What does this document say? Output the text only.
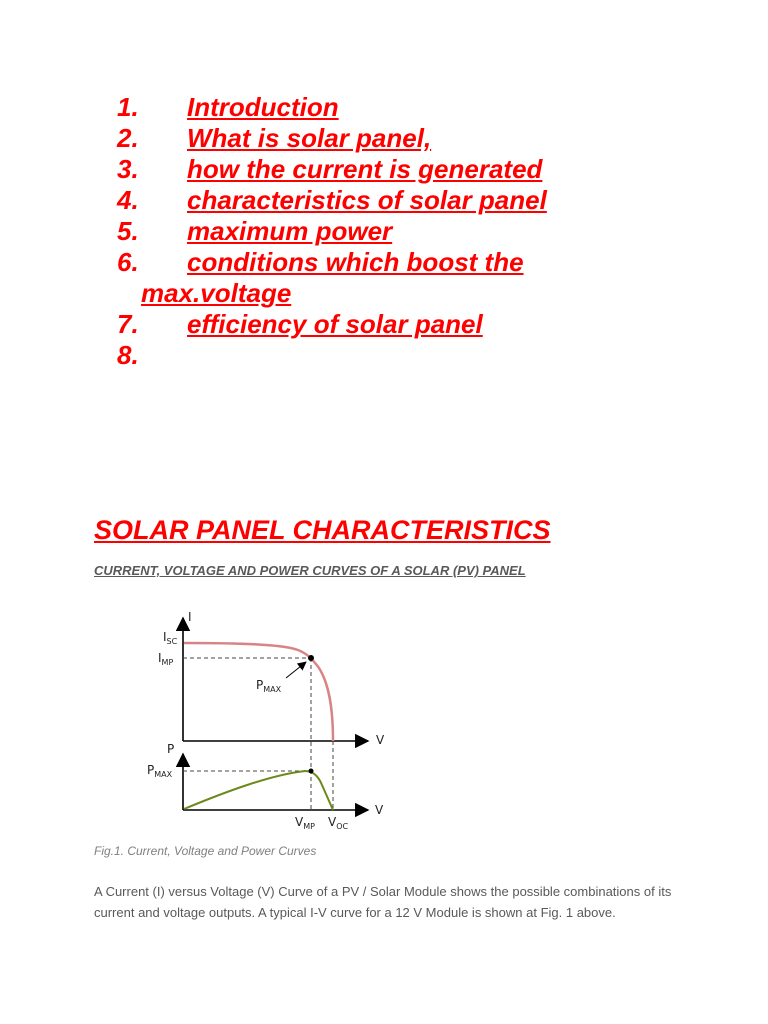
1. Introduction
2. What is solar panel,
3. how the current is generated
4. characteristics of solar panel
5. maximum power
6. conditions which boost the
max.voltage
7. efficiency of solar panel
8.
SOLAR PANEL CHARACTERISTICS
CURRENT, VOLTAGE AND POWER CURVES OF A SOLAR (PV) PANEL
I
$I_{SC}$
$I_{MP}$
$P_{MAX}$
V
P
$P_{MAX}$
V
$V_{MP}$ $V_{OC}$

Fig.1. Current, Voltage and Power Curves

A Current (I) versus Voltage (V) Curve of a PV / Solar Module shows the possible combinations of its current and voltage outputs. A typical I-V curve for a 12 V Module is shown at Fig. 1 above.
